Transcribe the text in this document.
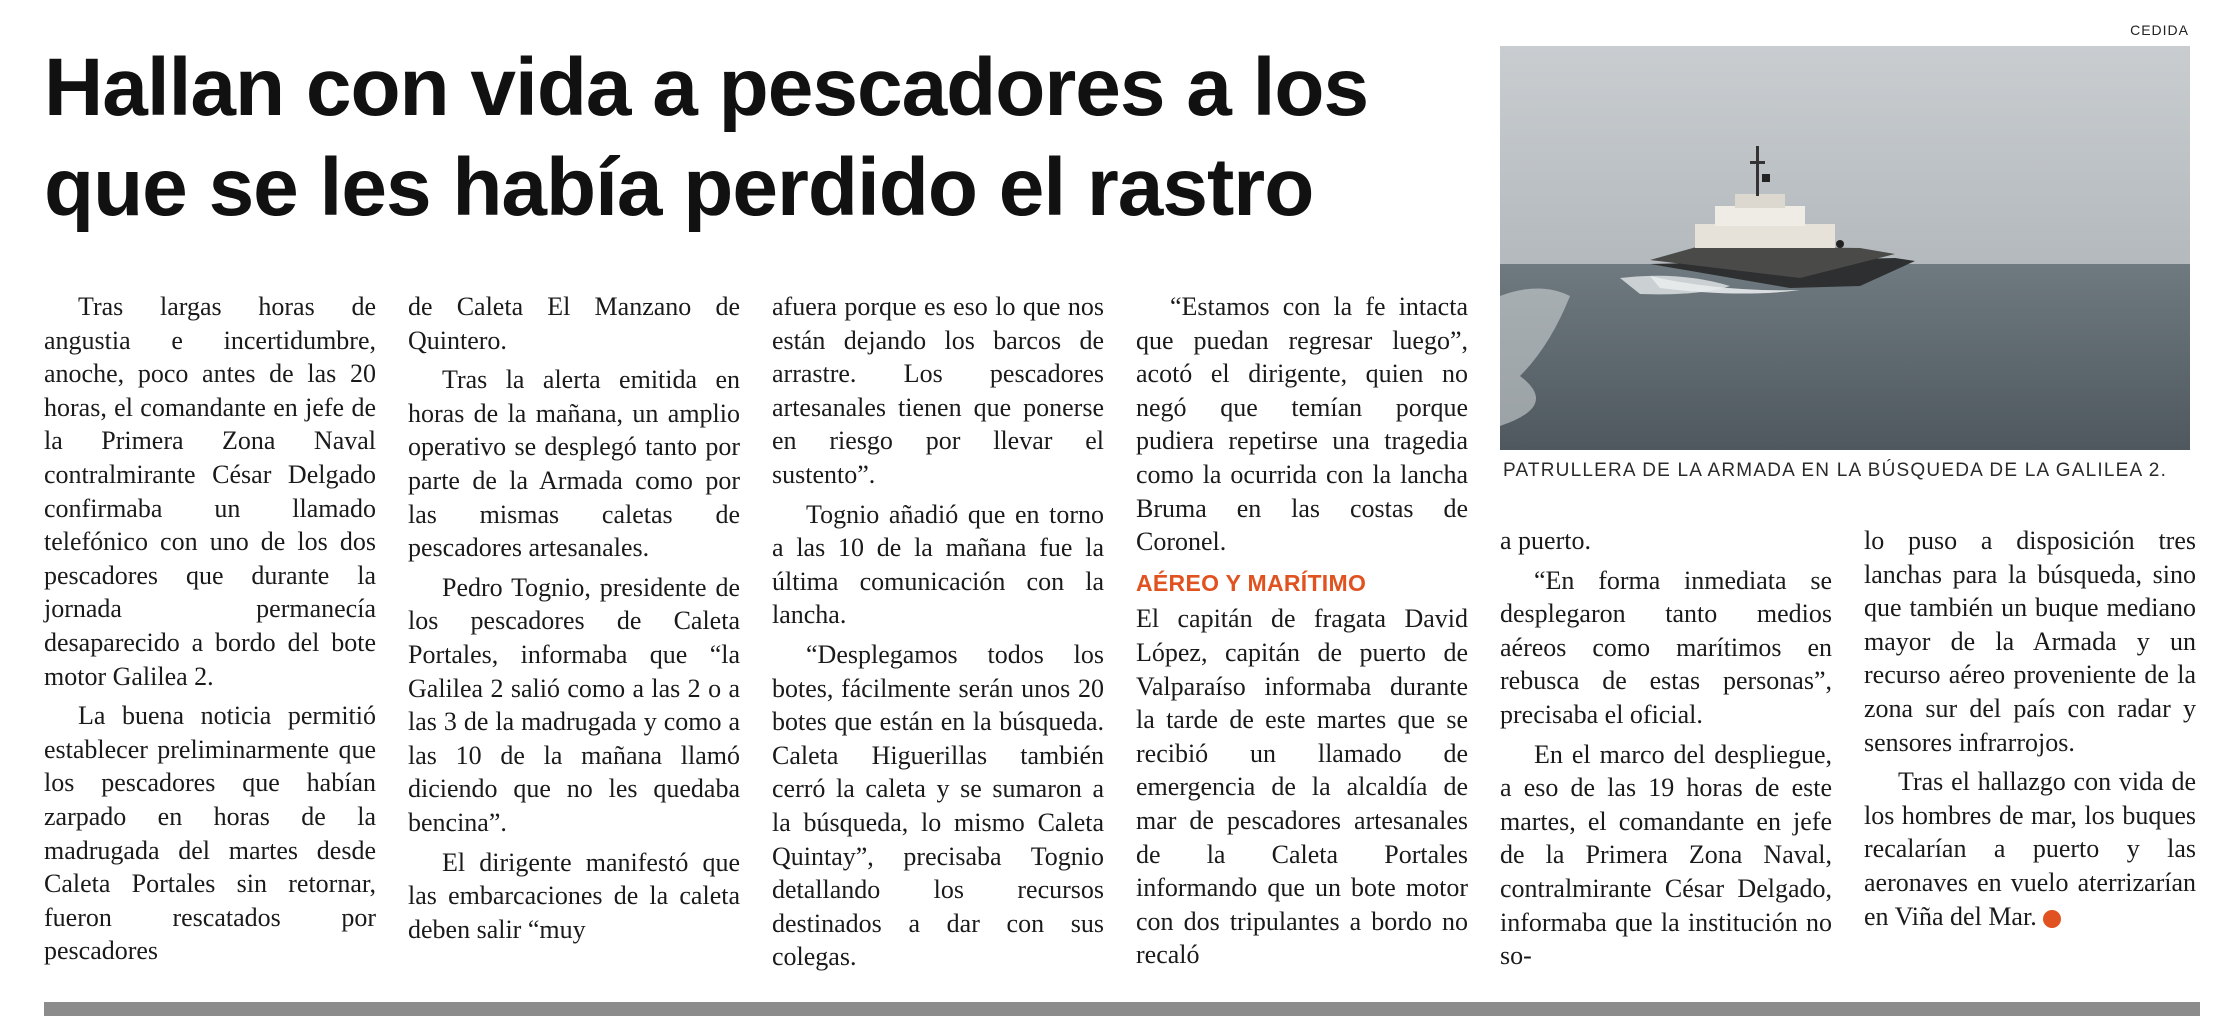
Hallan con vida a pescadores a los que se les había perdido el rastro
CEDIDA
PATRULLERA DE LA ARMADA EN LA BÚSQUEDA DE LA GALILEA 2.

Tras largas horas de angustia e incertidumbre, anoche, poco antes de las 20 horas, el comandante en jefe de la Primera Zona Naval contralmirante César Delgado confirmaba un llamado telefónico con uno de los dos pescadores que durante la jornada permanecía desaparecido a bordo del bote motor Galilea 2.

La buena noticia permitió establecer preliminarmente que los pescadores que habían zarpado en horas de la madrugada del martes desde Caleta Portales sin retornar, fueron rescatados por pescadores

de Caleta El Manzano de Quintero.

Tras la alerta emitida en horas de la mañana, un amplio operativo se desplegó tanto por parte de la Armada como por las mismas caletas de pescadores artesanales.

Pedro Tognio, presidente de los pescadores de Caleta Portales, informaba que “la Galilea 2 salió como a las 2 o a las 3 de la madrugada y como a las 10 de la mañana llamó diciendo que no les quedaba bencina”.

El dirigente manifestó que las embarcaciones de la caleta deben salir “muy

afuera porque es eso lo que nos están dejando los barcos de arrastre. Los pescadores artesanales tienen que ponerse en riesgo por llevar el sustento”.

Tognio añadió que en torno a las 10 de la mañana fue la última comunicación con la lancha.

“Desplegamos todos los botes, fácilmente serán unos 20 botes que están en la búsqueda. Caleta Higuerillas también cerró la caleta y se sumaron a la búsqueda, lo mismo Caleta Quintay”, precisaba Tognio detallando los recursos destinados a dar con sus colegas.

“Estamos con la fe intacta que puedan regresar luego”, acotó el dirigente, quien no negó que temían porque pudiera repetirse una tragedia como la ocurrida con la lancha Bruma en las costas de Coronel.

AÉREO Y MARÍTIMO

El capitán de fragata David López, capitán de puerto de Valparaíso informaba durante la tarde de este martes que se recibió un llamado de emergencia de la alcaldía de mar de pescadores artesanales de la Caleta Portales informando que un bote motor con dos tripulantes a bordo no recaló

a puerto.

“En forma inmediata se desplegaron tanto medios aéreos como marítimos en rebusca de estas personas”, precisaba el oficial.

En el marco del despliegue, a eso de las 19 horas de este martes, el comandante en jefe de la Primera Zona Naval, contralmirante César Delgado, informaba que la institución no so-

lo puso a disposición tres lanchas para la búsqueda, sino que también un buque mediano mayor de la Armada y un recurso aéreo proveniente de la zona sur del país con radar y sensores infrarrojos.

Tras el hallazgo con vida de los hombres de mar, los buques recalarían a puerto y las aeronaves en vuelo aterrizarían en Viña del Mar.	✪
